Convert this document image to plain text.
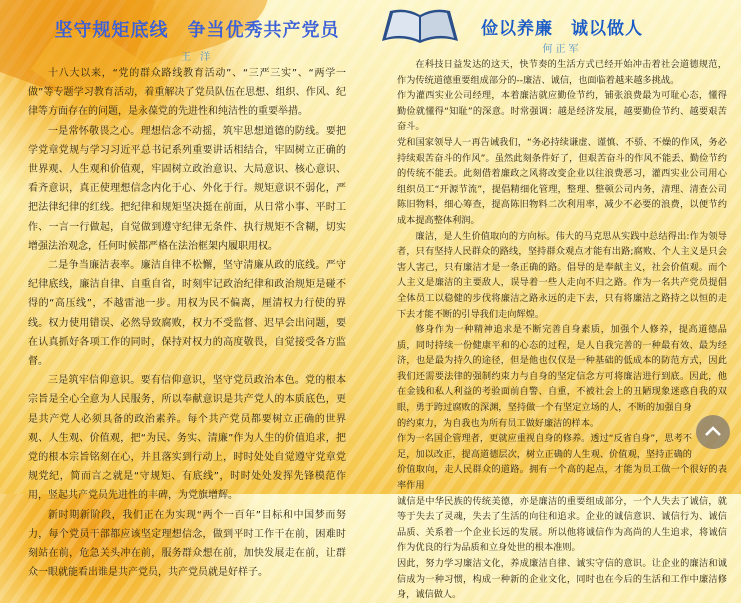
坚守规矩底线　争当优秀共产党员
王 洋

十八大以来，“党的群众路线教育活动”、“三严三实”、“两学一做”等专题学习教育活动，着重解决了党员队伍在思想、组织、作风、纪律等方面存在的问题，是永葆党的先进性和纯洁性的重要举措。

一是常怀敬畏之心。理想信念不动摇，筑牢思想道德的防线。要把学党章党规与学习习近平总书记系列重要讲话相结合，牢固树立正确的世界观、人生观和价值观，牢固树立政治意识、大局意识、核心意识、看齐意识，真正使理想信念内化于心、外化于行。规矩意识不弱化，严把法律纪律的红线。把纪律和规矩坚决挺在前面，从日常小事、平时工作、一言一行做起，自觉做到遵守纪律无条件、执行规矩不含糊，切实增强法治观念，任何时候都严格在法治框架内履职用权。

二是争当廉洁表率。廉洁自律不松懈，坚守清廉从政的底线。严守纪律底线，廉洁自律、自重自省，时刻牢记政治纪律和政治规矩是碰不得的“高压线”，不越雷池一步。用权为民不偏离，厘清权力行使的界线。权力使用错误、必然导致腐败，权力不受监督、迟早会出问题，要在认真抓好各项工作的同时，保持对权力的高度敬畏，自觉接受各方监督。

三是筑牢信仰意识。要有信仰意识，坚守党员政治本色。党的根本宗旨是全心全意为人民服务，所以奉献意识是共产党人的本质底色，更是共产党人必须具备的政治素养。每个共产党员都要树立正确的世界观、人生观、价值观，把“为民、务实、清廉”作为人生的价值追求，把党的根本宗旨铭刻在心，并且落实到行动上，时时处处自觉遵守党章党规党纪，简而言之就是“守规矩、有底线”，时时处处发挥先锋模范作用，竖起共产党员先进性的丰碑，为党旗增辉。

新时期新阶段，我们正在为实现“两个一百年”目标和中国梦而努力，每个党员干部都应该坚定理想信念，做到平时工作干在前，困难时刻站在前，危急关头冲在前，服务群众想在前，加快发展走在前，让群众一眼就能看出谁是共产党员，共产党员就是好样子。

俭以养廉　诚以做人
何正军

在科技日益发达的这天，快节奏的生活方式已经开始冲击着社会道德规范，作为传统道德重要组成部分的--廉洁、诚信，也面临着越来越多挑战。

作为灌西实业公司经理，本着廉洁就应勤俭节约，铺张浪费最为可耻心态，懂得勤俭就懂得“知耻”的深意。时常强调：越是经济发展，越要勤俭节约、越要艰苦奋斗。

党和国家领导人一再告诫我们，“务必持续谦虚、谨慎、不骄、不燥的作风，务必持续艰苦奋斗的作风”。虽然此刻条件好了，但艰苦奋斗的作风不能丢、勤俭节约的传统不能丢。此刻借着廉政之风将改变企业以往浪费恶习，灌西实业公司用心组织员工“开源节流”，提倡精细化管理，整理、整顿公司内务，清理、清查公司陈旧物料，细心筹查，提高陈旧物料二次利用率，减少不必要的浪费，以便节约成本提高整体利润。

廉洁，是人生价值取向的方向标。伟大的马克思从实践中总结得出:作为领导者，只有坚持人民群众的路线，坚持群众观点才能有出路;腐败、个人主义是只会害人害己，只有廉洁才是一条正确的路。倡导的是奉献主义，社会价值观。而个人主义是廉洁的主要敌人，误导着一些人走向不归之路。作为一名共产党员提倡全体员工以稳健的步伐将廉洁之路永远的走下去，只有将廉洁之路持之以恒的走下去才能不断的引导我们走向辉煌。

修身作为一种精神追求是不断完善自身素质，加强个人修养，提高道德品质，同时持续一份健康平和的心态的过程，是人自我完善的一种最有效、最为经济，也是最为持久的途径，但是他也仅仅是一种基础的低成本的防范方式，因此我们还需要法律的强制约束力与自身的坚定信念方可将廉洁进行到底。因此，他在金钱和私人利益的考验面前自警、自重，不被社会上的丑陋现象迷惑自我的双眼，勇于跨过腐败的深渊，坚持做一个有坚定立场的人，不断的加强自身的约束力，为自我也为所有员工做好廉洁的样本。

作为一名国企管理者，更就应重视自身的修养。透过“反省自身”，思考不足，加以改正，提高道德层次，树立正确的人生观、价值观，坚持正确的价值取向，走人民群众的道路。拥有一个高的起点，才能为员工做一个很好的表率作用

诚信是中华民族的传统美德，亦是廉洁的重要组成部分，一个人失去了诚信，就等于失去了灵魂，失去了生活的向往和追求。企业的诚信意识、诚信行为、诚信品质、关系着一个企业长远的发展。所以他将诚信作为高尚的人生追求，将诚信作为优良的行为品质和立身处世的根本准则。

因此，努力学习廉洁文化，养成廉洁自律、诚实守信的意识。让企业的廉洁和诚信成为一种习惯，构成一种新的企业文化，同时也在今后的生活和工作中廉洁修身，诚信做人。
